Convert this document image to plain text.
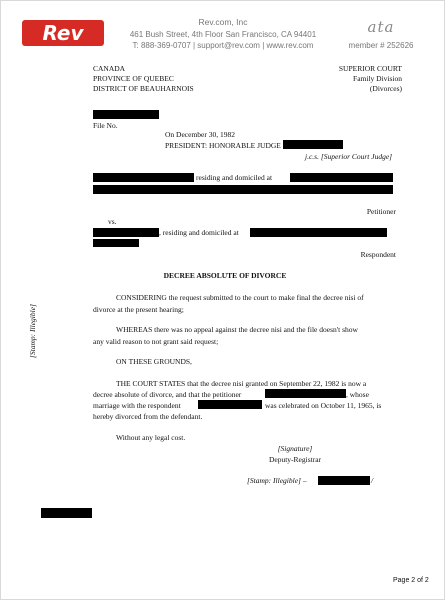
Rev	Rev.com, Inc
461 Bush Street, 4th Floor San Francisco, CA 94401
T: 888-369-0707 | support@rev.com | www.rev.com
ata
member # 252626
CANADA
PROVINCE OF QUEBEC
DISTRICT OF BEAUHARNOIS
SUPERIOR COURT
Family Division
(Divorces)
File No.
On December 30, 1982
PRESIDENT: HONORABLE JUDGE
j.c.s. [Superior Court Judge]
residing and domiciled at
Petitioner
vs.
, residing and domiciled at
Respondent
[Stamp: Illegible]
DECREE ABSOLUTE OF DIVORCE
CONSIDERING the request submitted to the court to make final the decree nisi of
divorce at the present hearing;
WHEREAS there was no appeal against the decree nisi and the file doesn't show
any valid reason to not grant said request;
ON THESE GROUNDS,
THE COURT STATES that the decree nisi granted on September 22, 1982 is now a
decree absolute of divorce, and that the petitioner	, whose
marriage with the respondent	was celebrated on October 11, 1965, is
hereby divorced from the defendant.
Without any legal cost.
[Signature]
Deputy-Registrar
[Stamp: Illegible] –	/
Page 2 of 2
